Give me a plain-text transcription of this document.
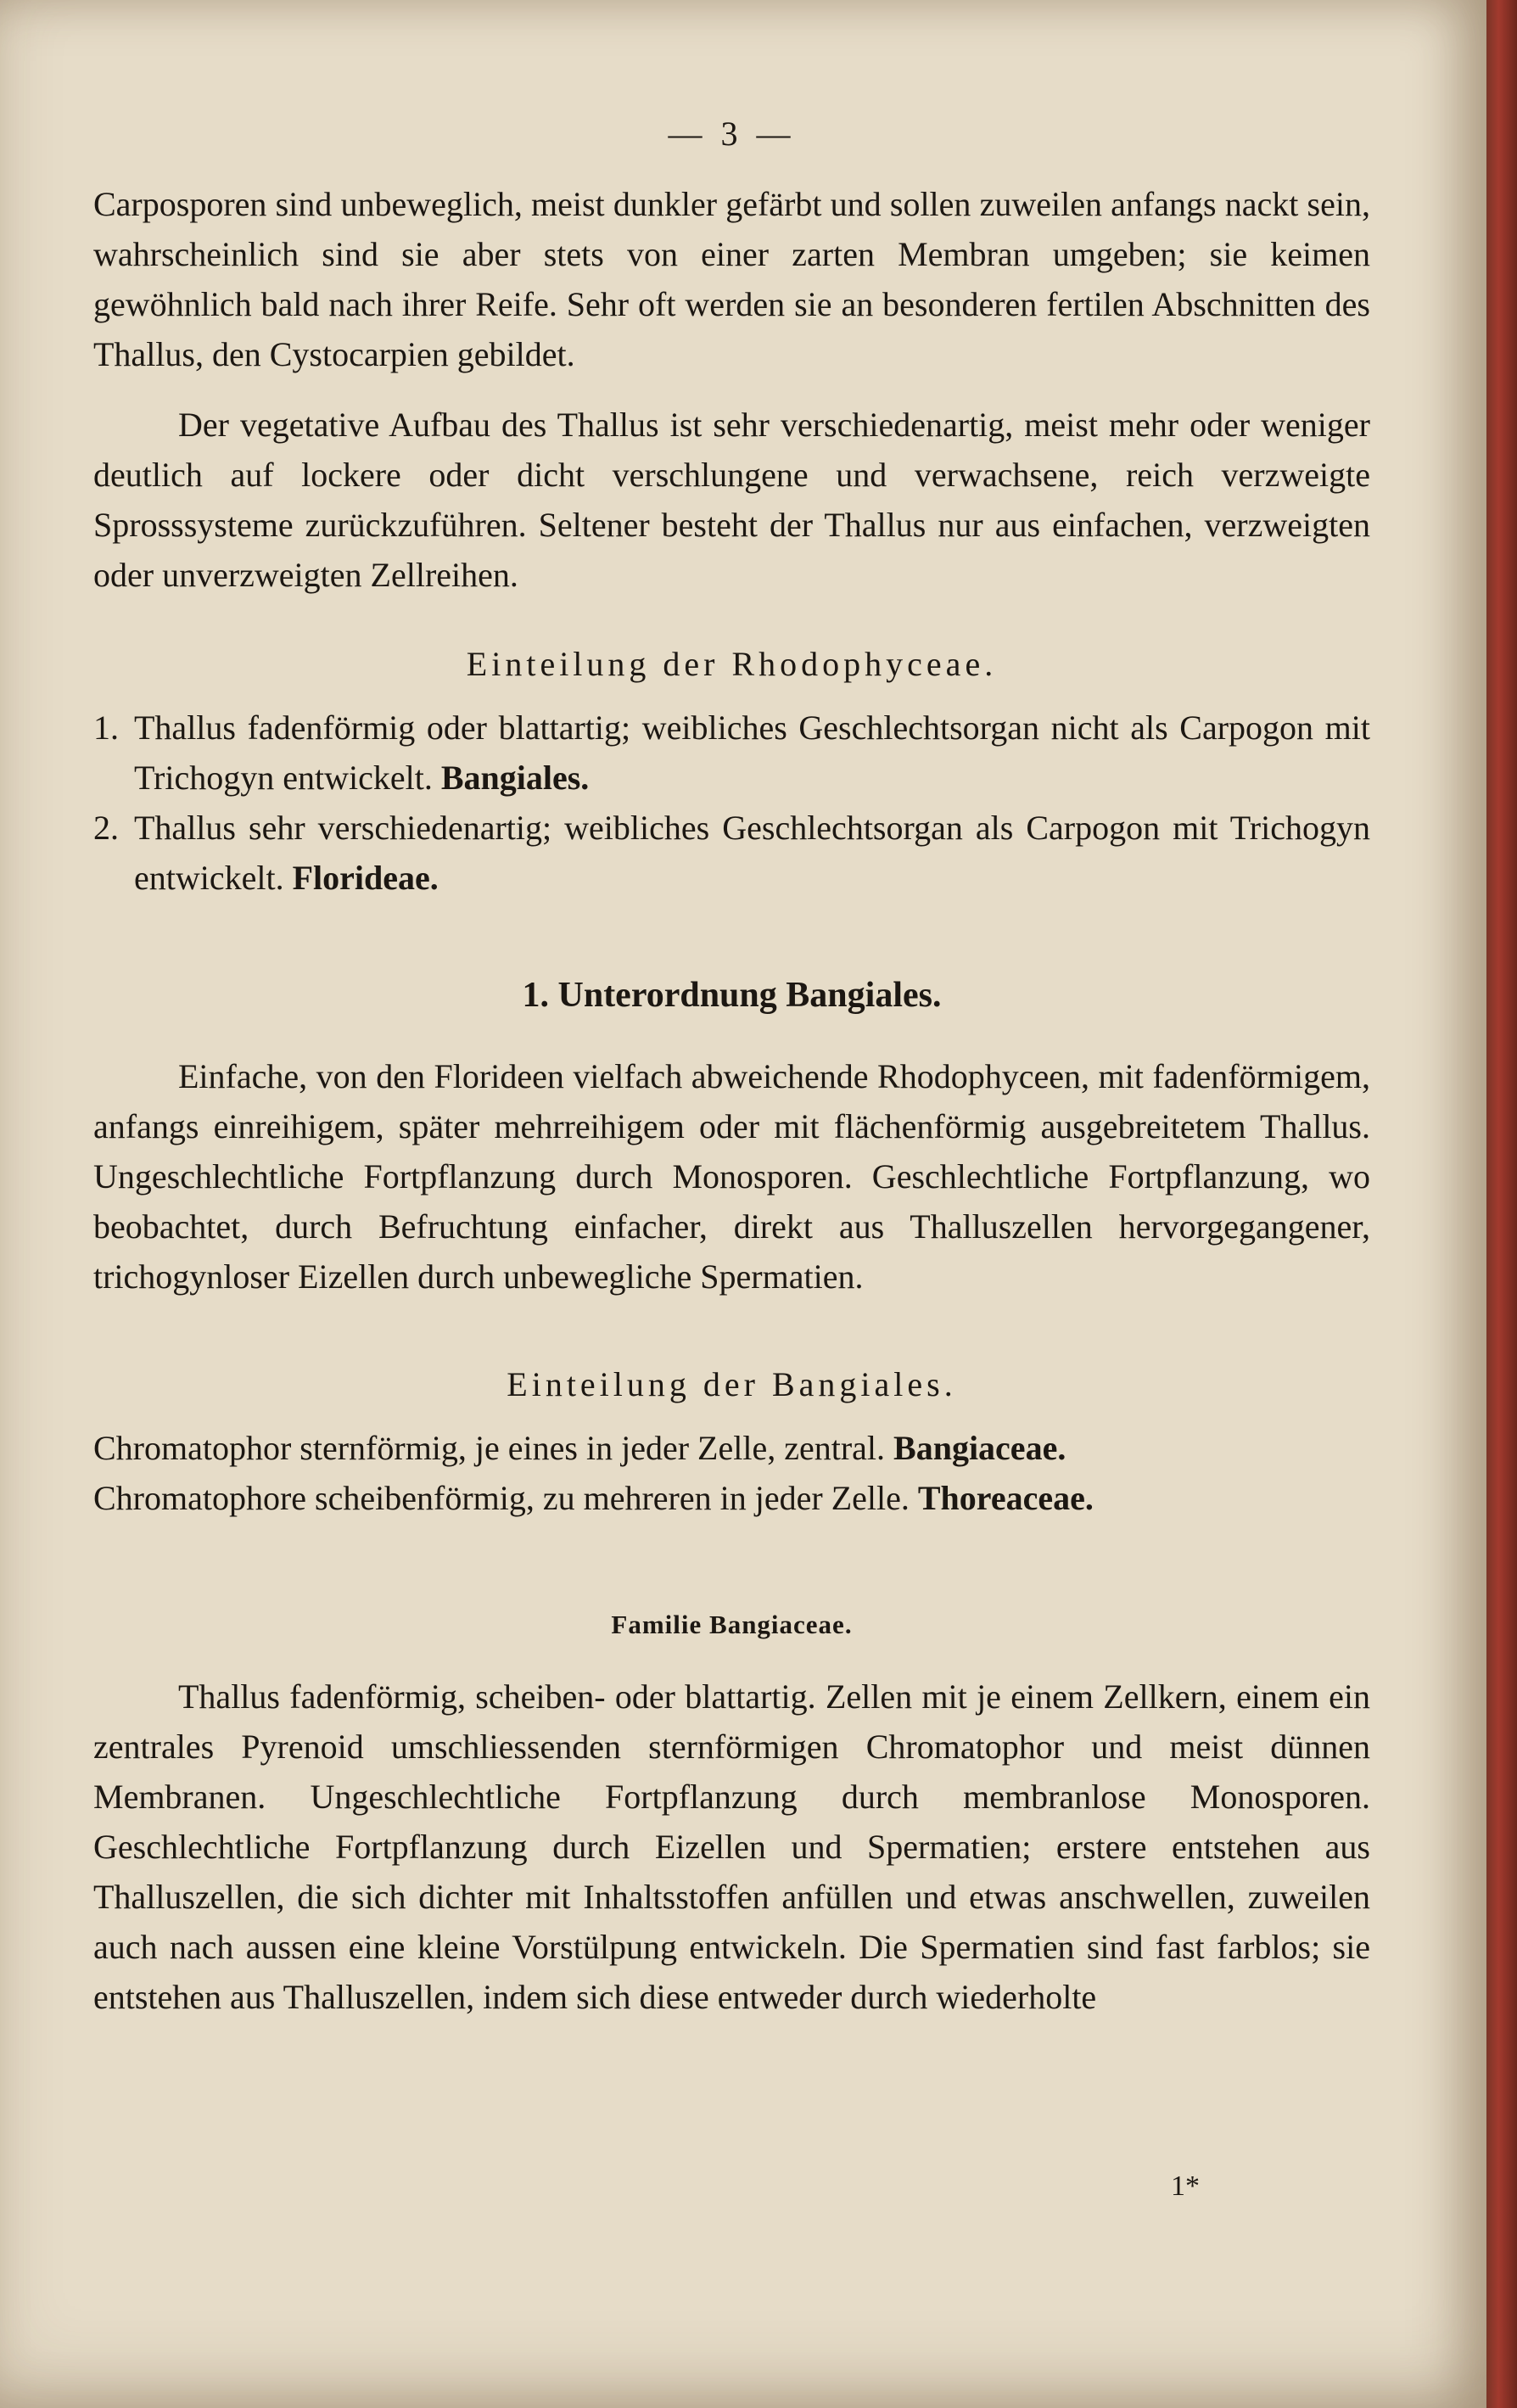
— 3 —

Carposporen sind unbeweglich, meist dunkler gefärbt und sollen zuweilen anfangs nackt sein, wahrscheinlich sind sie aber stets von einer zarten Membran umgeben; sie keimen gewöhnlich bald nach ihrer Reife. Sehr oft werden sie an besonderen fertilen Abschnitten des Thallus, den Cystocarpien gebildet.

Der vegetative Aufbau des Thallus ist sehr verschiedenartig, meist mehr oder weniger deutlich auf lockere oder dicht verschlungene und verwachsene, reich verzweigte Sprosssysteme zurückzuführen. Seltener besteht der Thallus nur aus einfachen, verzweigten oder unverzweigten Zellreihen.

Einteilung der Rhodophyceae.
1. Thallus fadenförmig oder blattartig; weibliches Geschlechtsorgan nicht als Carpogon mit Trichogyn entwickelt. Bangiales.
2. Thallus sehr verschiedenartig; weibliches Geschlechtsorgan als Carpogon mit Trichogyn entwickelt. Florideae.
1. Unterordnung Bangiales.

Einfache, von den Florideen vielfach abweichende Rhodophyceen, mit fadenförmigem, anfangs einreihigem, später mehrreihigem oder mit flächenförmig ausgebreitetem Thallus. Ungeschlechtliche Fortpflanzung durch Monosporen. Geschlechtliche Fortpflanzung, wo beobachtet, durch Befruchtung einfacher, direkt aus Thalluszellen hervorgegangener, trichogynloser Eizellen durch unbewegliche Spermatien.

Einteilung der Bangiales.
Chromatophor sternförmig, je eines in jeder Zelle, zentral. Bangiaceae.
Chromatophore scheibenförmig, zu mehreren in jeder Zelle. Thoreaceae.
Familie Bangiaceae.

Thallus fadenförmig, scheiben- oder blattartig. Zellen mit je einem Zellkern, einem ein zentrales Pyrenoid umschliessenden sternförmigen Chromatophor und meist dünnen Membranen. Ungeschlechtliche Fortpflanzung durch membranlose Monosporen. Geschlechtliche Fortpflanzung durch Eizellen und Spermatien; erstere entstehen aus Thalluszellen, die sich dichter mit Inhaltsstoffen anfüllen und etwas anschwellen, zuweilen auch nach aussen eine kleine Vorstülpung entwickeln. Die Spermatien sind fast farblos; sie entstehen aus Thalluszellen, indem sich diese entweder durch wiederholte

1*
